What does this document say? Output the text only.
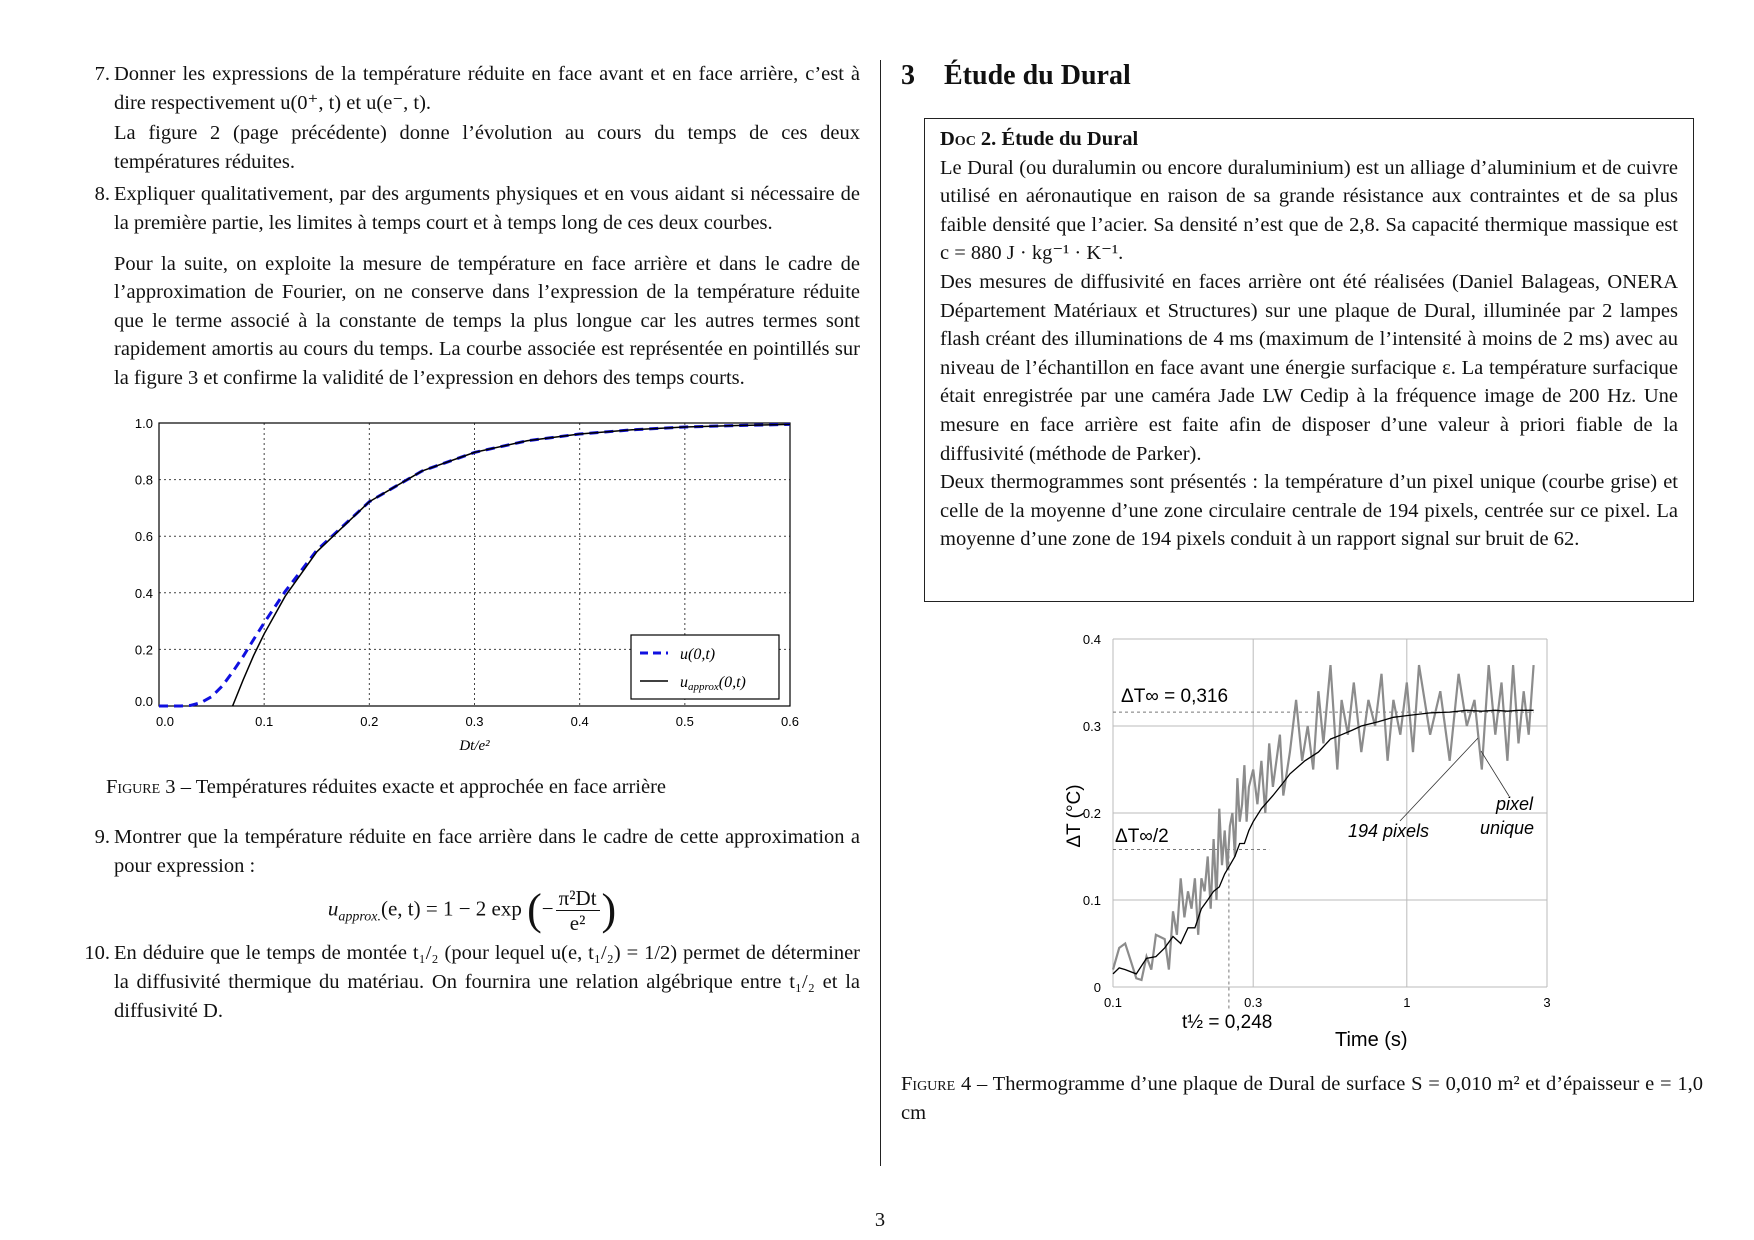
7. Donner les expressions de la température réduite en face avant et en face arrière, c’est à dire respectivement u(0⁺, t) et u(e⁻, t).

La figure 2 (page précédente) donne l’évolution au cours du temps de ces deux températures réduites.

8. Expliquer qualitativement, par des arguments physiques et en vous aidant si nécessaire de la première partie, les limites à temps court et à temps long de ces deux courbes.

Pour la suite, on exploite la mesure de température en face arrière et dans le cadre de l’approximation de Fourier, on ne conserve dans l’expression de la température réduite que le terme associé à la constante de temps la plus longue car les autres termes sont rapidement amortis au cours du temps. La courbe associée est représentée en pointillés sur la figure 3 et confirme la validité de l’expression en dehors des temps courts.

0.0	0.1	0.2	0.3	0.4	0.5	0.6
0.0
0.2
0.4
0.6
0.8
1.0
Dt/e²
u(0,t)
uapprox(0,t)
Figure 3 – Températures réduites exacte et approchée en face arrière
9. Montrer que la température réduite en face arrière dans le cadre de cette approximation a pour expression :

$u_{approx.}(e$, t) = 1 − 2 exp (− $\frac{\text{π²Dt}}{\text{e²}}$ )
10. En déduire que le temps de montée t₁/₂ (pour lequel u(e, t₁/₂) = 1/2) permet de déterminer la diffusivité thermique du matériau. On fournira une relation algébrique entre t₁/₂ et la diffusivité D.

3 Étude du Dural

Doc 2. Étude du Dural

Le Dural (ou duralumin ou encore duraluminium) est un alliage d’aluminium et de cuivre utilisé en aéronautique en raison de sa grande résistance aux contraintes et de sa plus faible densité que l’acier. Sa densité n’est que de 2,8. Sa capacité thermique massique est c = 880 J · kg⁻¹ · K⁻¹.

Des mesures de diffusivité en faces arrière ont été réalisées (Daniel Balageas, ONERA Département Matériaux et Structures) sur une plaque de Dural, illuminée par 2 lampes flash créant des illuminations de 4 ms (maximum de l’intensité à moins de 2 ms) avec au niveau de l’échantillon en face avant une énergie surfacique ε. La température surfacique était enregistrée par une caméra Jade LW Cedip à la fréquence image de 200 Hz. Une mesure en face arrière est faite afin de disposer d’une valeur à priori fiable de la diffusivité (méthode de Parker).

Deux thermogrammes sont présentés : la température d’un pixel unique (courbe grise) et celle de la moyenne d’une zone circulaire centrale de 194 pixels, centrée sur ce pixel. La moyenne d’une zone de 194 pixels conduit à un rapport signal sur bruit de 62.

0.1	0.3	1	3
0
0.1
0.2
0.3
0.4
ΔT∞ = 0,316
ΔT∞/2
t½ = 0,248
194 pixels
pixel
unique
Time (s)
ΔT (°C)
Figure 4 – Thermogramme d’une plaque de Dural de surface S = 0,010 m² et d’épaisseur e = 1,0 cm
3
